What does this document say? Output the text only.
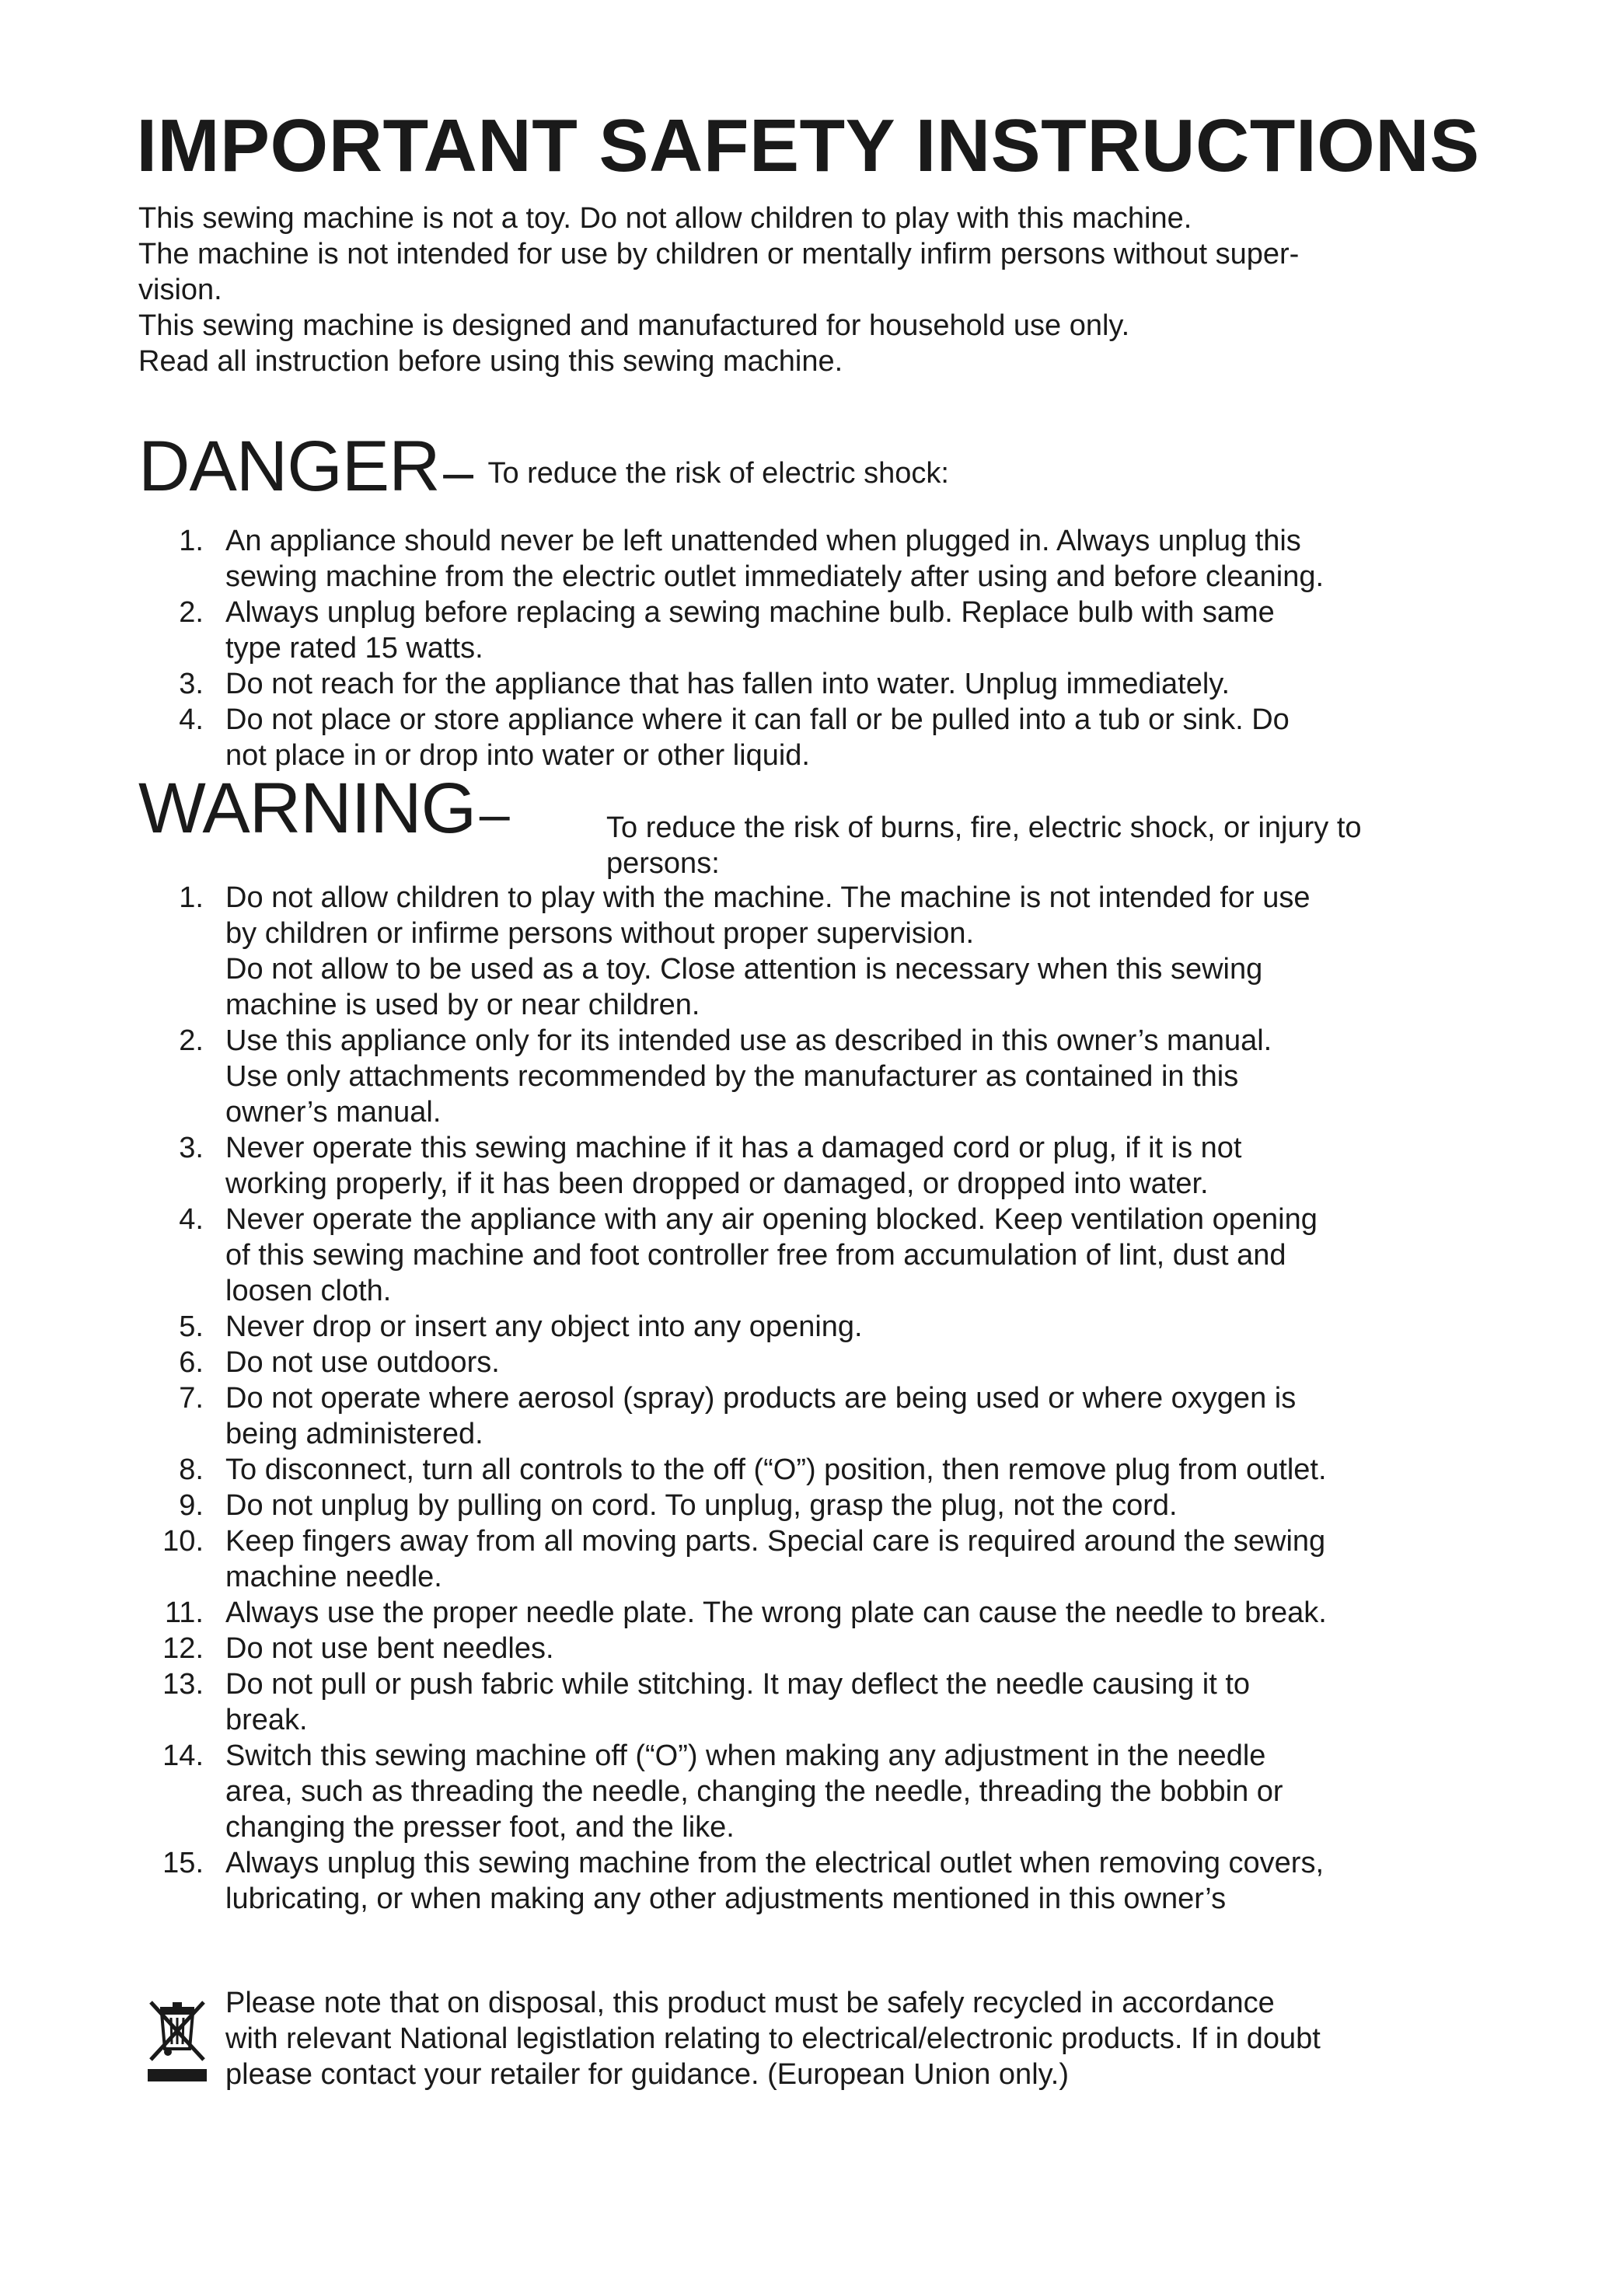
IMPORTANT SAFETY INSTRUCTIONS
This sewing machine is not a toy. Do not allow children to play with this machine.
The machine is not intended for use by children or mentally infirm persons without super-
vision.
This sewing machine is designed and manufactured for household use only.
Read all instruction before using this sewing machine.
DANGER – To reduce the risk of electric shock:
1. An appliance should never be left unattended when plugged in. Always unplug this
sewing machine from the electric outlet immediately after using and before cleaning.
2. Always unplug before replacing a sewing machine bulb. Replace bulb with same
type rated 15 watts.
3. Do not reach for the appliance that has fallen into water. Unplug immediately.
4. Do not place or store appliance where it can fall or be pulled into a tub or sink. Do
not place in or drop into water or other liquid.
WARNING –	To reduce the risk of burns, fire, electric shock, or injury to
persons:
1. Do not allow children to play with the machine. The machine is not intended for use
by children or infirme persons without proper supervision.
Do not allow to be used as a toy. Close attention is necessary when this sewing
machine is used by or near children.
2. Use this appliance only for its intended use as described in this owner’s manual.
Use only attachments recommended by the manufacturer as contained in this
owner’s manual.
3. Never operate this sewing machine if it has a damaged cord or plug, if it is not
working properly, if it has been dropped or damaged, or dropped into water.
4. Never operate the appliance with any air opening blocked. Keep ventilation opening
of this sewing machine and foot controller free from accumulation of lint, dust and
loosen cloth.
5. Never drop or insert any object into any opening.
6. Do not use outdoors.
7. Do not operate where aerosol (spray) products are being used or where oxygen is
being administered.
8. To disconnect, turn all controls to the off (“O”) position, then remove plug from outlet.
9. Do not unplug by pulling on cord. To unplug, grasp the plug, not the cord.
10. Keep fingers away from all moving parts. Special care is required around the sewing
machine needle.
11. Always use the proper needle plate. The wrong plate can cause the needle to break.
12. Do not use bent needles.
13. Do not pull or push fabric while stitching. It may deflect the needle causing it to
break.
14. Switch this sewing machine off (“O”) when making any adjustment in the needle
area, such as threading the needle, changing the needle, threading the bobbin or
changing the presser foot, and the like.
15. Always unplug this sewing machine from the electrical outlet when removing covers,
lubricating, or when making any other adjustments mentioned in this owner’s
Please note that on disposal, this product must be safely recycled in accordance
with relevant National legistlation relating to electrical/electronic products. If in doubt
please contact your retailer for guidance. (European Union only.)
